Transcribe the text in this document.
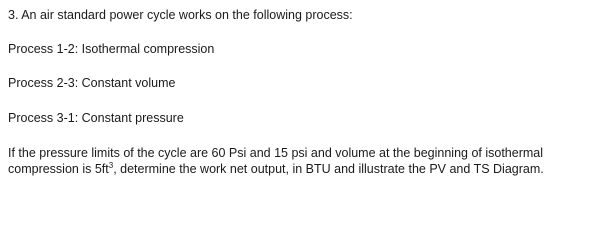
3. An air standard power cycle works on the following process:
Process 1-2: Isothermal compression
Process 2-3: Constant volume
Process 3-1: Constant pressure
If the pressure limits of the cycle are 60 Psi and 15 psi and volume at the beginning of isothermal
compression is $5ft^3$, determine the work net output, in BTU and illustrate the PV and TS Diagram.
